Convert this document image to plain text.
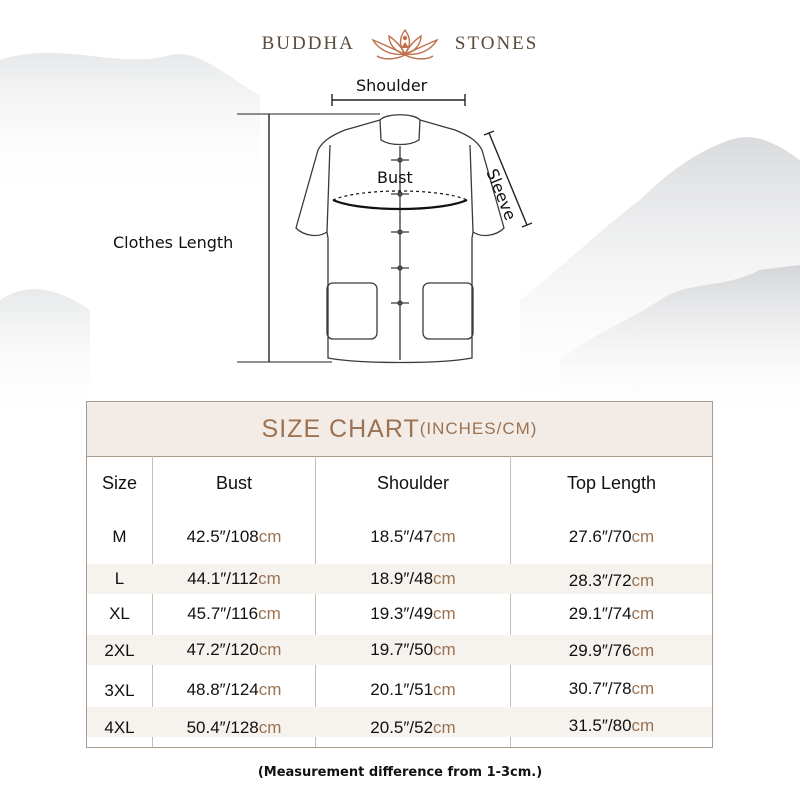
BUDDHA	STONES
Shoulder
Bust
Clothes Length
Sleeve
SIZE CHART (INCHES/CM)
Size	Bust	Shoulder	Top Length
M	42.5″/108 cm	18.5″/47 cm	27.6″/70 cm
L	44.1″/112 cm	18.9″/48 cm	28.3″/72 cm
XL	45.7″/116 cm	19.3″/49 cm	29.1″/74 cm
2XL	47.2″/120 cm	19.7″/50 cm	29.9″/76 cm
3XL	48.8″/124 cm	20.1″/51 cm	30.7″/78 cm
4XL	50.4″/128 cm	20.5″/52 cm	31.5″/80 cm
(Measurement difference from 1-3cm.)
